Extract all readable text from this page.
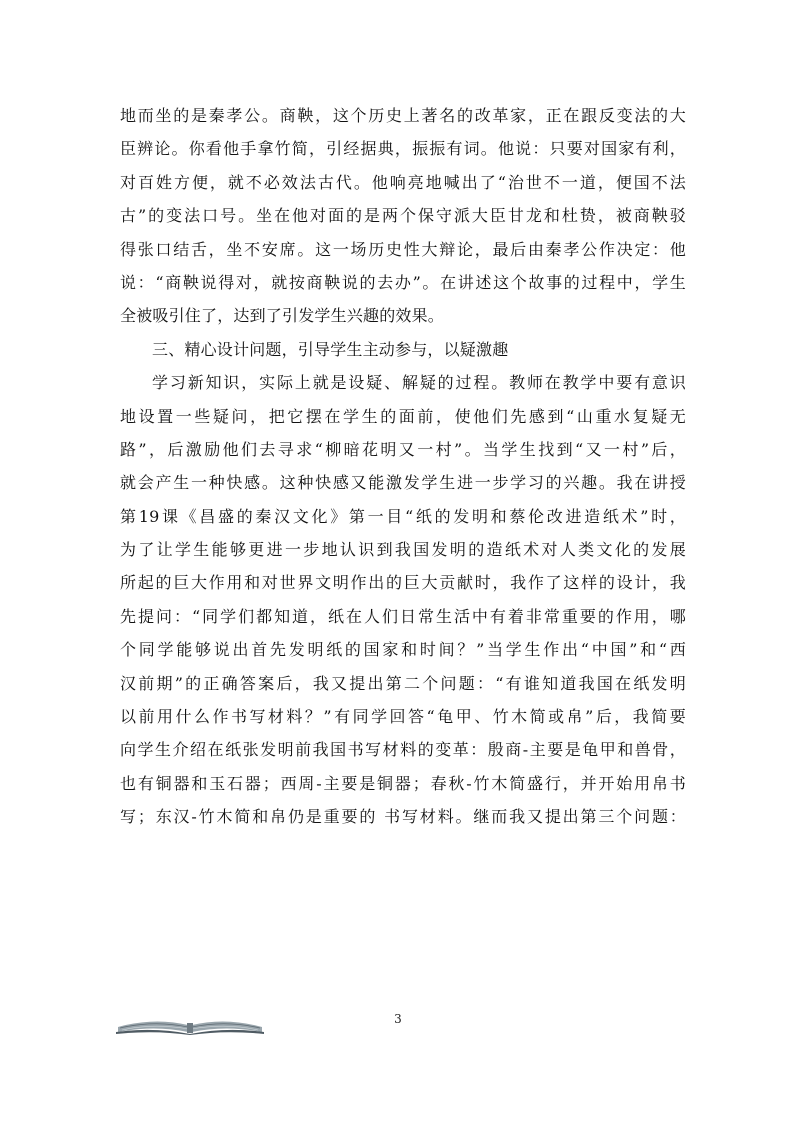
地而坐的是秦孝公。商鞅，这个历史上著名的改革家，正在跟反变法的大
臣辨论。你看他手拿竹简，引经据典，振振有词。他说：只要对国家有利，
对百姓方便，就不必效法古代。他响亮地喊出了“治世不一道，便国不法
古”的变法口号。坐在他对面的是两个保守派大臣甘龙和杜贽，被商鞅驳
得张口结舌，坐不安席。这一场历史性大辩论，最后由秦孝公作决定：他
说：“商鞅说得对，就按商鞅说的去办”。在讲述这个故事的过程中，学生
全被吸引住了，达到了引发学生兴趣的效果。
三、精心设计问题，引导学生主动参与，以疑激趣
学习新知识，实际上就是设疑、解疑的过程。教师在教学中要有意识
地设置一些疑问，把它摆在学生的面前，使他们先感到“山重水复疑无
路”，后激励他们去寻求“柳暗花明又一村”。当学生找到“又一村”后，
就会产生一种快感。这种快感又能激发学生进一步学习的兴趣。我在讲授
第19课《昌盛的秦汉文化》第一目“纸的发明和蔡伦改进造纸术”时，
为了让学生能够更进一步地认识到我国发明的造纸术对人类文化的发展
所起的巨大作用和对世界文明作出的巨大贡献时，我作了这样的设计，我
先提问：“同学们都知道，纸在人们日常生活中有着非常重要的作用，哪
个同学能够说出首先发明纸的国家和时间？”当学生作出“中国”和“西
汉前期”的正确答案后，我又提出第二个问题：“有谁知道我国在纸发明
以前用什么作书写材料？”有同学回答“龟甲、竹木简或帛”后，我简要
向学生介绍在纸张发明前我国书写材料的变革：殷商-主要是龟甲和兽骨，
也有铜器和玉石器；西周-主要是铜器；春秋-竹木简盛行，并开始用帛书
写；东汉-竹木简和帛仍是重要的 书写材料。继而我又提出第三个问题：
3
